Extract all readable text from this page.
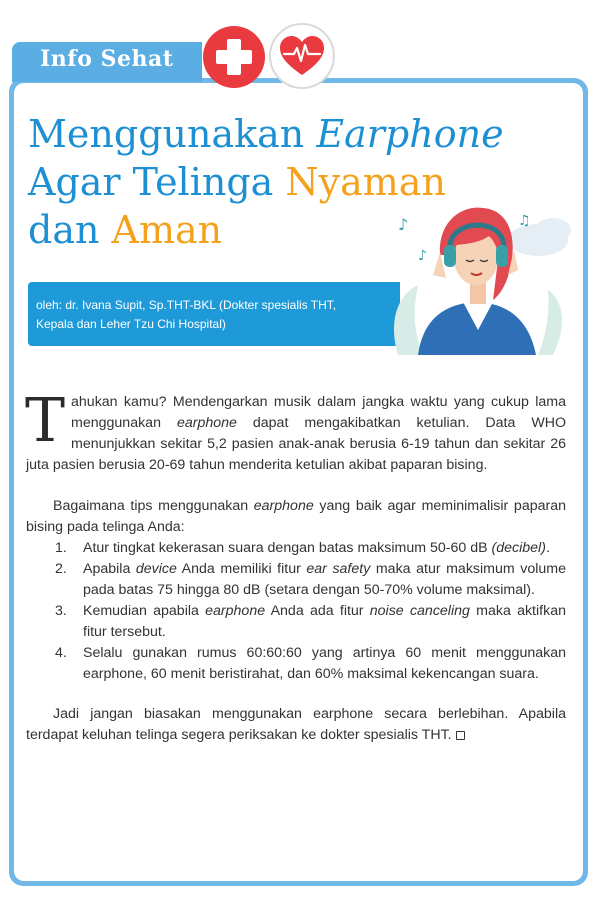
Info Sehat
Menggunakan Earphone
Agar Telinga Nyaman
dan Aman
oleh: dr. Ivana Supit, Sp.THT-BKL (Dokter spesialis THT,
Kepala dan Leher Tzu Chi Hospital)
♪
♪
♫

Tahukan kamu? Mendengarkan musik dalam jangka waktu yang cukup lama menggunakan earphone dapat mengakibatkan ketulian. Data WHO menunjukkan sekitar 5,2 pasien anak-anak berusia 6-19 tahun dan sekitar 26 juta pasien berusia 20-69 tahun menderita ketulian akibat paparan bising.

Bagaimana tips menggunakan earphone yang baik agar meminimalisir paparan bising pada telinga Anda:

1. Atur tingkat kekerasan suara dengan batas maksimum 50-60 dB (decibel).
2. Apabila device Anda memiliki fitur ear safety maka atur maksimum volume pada batas 75 hingga 80 dB (setara dengan 50-70% volume maksimal).
3. Kemudian apabila earphone Anda ada fitur noise canceling maka aktifkan fitur tersebut.
4. Selalu gunakan rumus 60:60:60 yang artinya 60 menit menggunakan earphone, 60 menit beristirahat, dan 60% maksimal kekencangan suara.

Jadi jangan biasakan menggunakan earphone secara berlebihan. Apabila terdapat keluhan telinga segera periksakan ke dokter spesialis THT.
